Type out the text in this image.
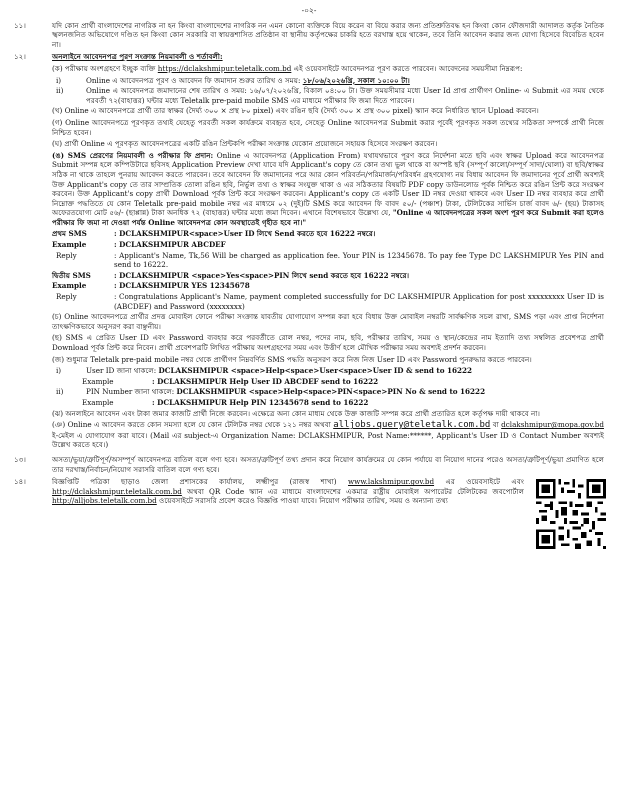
-০২-
১১।	যদি কোন প্রার্থী বাংলাদেশের নাগরিক না হন কিংবা বাংলাদেশের নাগরিক নন এমন কোনো ব্যক্তিকে বিয়ে করেন বা বিয়ে করার জন্য প্রতিশ্রুতিবদ্ধ হন কিংবা কোন ফৌজদারী আদালত কর্তৃক নৈতিক স্খলনজনিত অভিযোগে দণ্ডিত হন কিংবা কোন সরকারি বা স্বায়ত্তশাসিত প্রতিষ্ঠান বা স্থানীয় কর্তৃপক্ষের চাকরি হতে বরখাস্ত হয়ে থাকেন, তবে তিনি আবেদন করার জন্য যোগ্য হিসেবে বিবেচিত হবেন না।
১২।	অনলাইনে আবেদনপত্র পূরণ সংক্রান্ত নিয়মাবলী ও শর্তাবলী:
(ক) পরীক্ষায় অংশগ্রহণে ইচ্ছুক ব্যক্তি https://dclakshmipur.teletalk.com.bd এই ওয়েবসাইটে আবেদনপত্র পূরণ করতে পারবেন। আবেদনের সময়সীমা নিম্নরূপ:
i)	Online এ আবেদনপত্র পূরণ ও আবেদন ফি জমাদান শুরুর তারিখ ও সময়: ১৮/০৬/২০২৬খ্রি, সকাল ১০:০০ টা।
ii)	Online এ আবেদনপত্র জমাদানের শেষ তারিখ ও সময়: ১৬/০৭/২০২৬খ্রি, বিকাল ০৪:০০ টা। উক্ত সময়সীমার মধ্যে User Id প্রাপ্ত প্রার্থীগণ Online- এ Submit এর সময় থেকে পরবর্তী ৭২(বাহাত্তর) ঘন্টার মধ্যে Teletalk pre-paid mobile SMS এর মাধ্যমে পরীক্ষার ফি জমা দিতে পারবেন।
(খ) Online এ আবেদনপত্রে প্রার্থী তার স্বাক্ষর (দৈর্ঘ্য ৩০০ × প্রস্থ ৮০ pixel) এবং রঙিন ছবি (দৈর্ঘ্য ৩০০ × প্রস্থ ৩০০ pixel) স্ক্যান করে নির্ধারিত স্থানে Upload করবেন।
(গ) Online আবেদনপত্রে পূরণকৃত তথ্যই যেহেতু পরবর্তী সকল কার্যক্রমে ব্যবহৃত হবে, সেহেতু Online আবেদনপত্র Submit করার পূর্বেই পূরণকৃত সকল তথ্যের সঠিকতা সম্পর্কে প্রার্থী নিজে নিশ্চিত হবেন।
(ঘ) প্রার্থী Online এ পূরণকৃত আবেদনপত্রের একটি রঙিন প্রিন্টকপি পরীক্ষা সংক্রান্ত যেকোন প্রয়োজনে সহায়ক হিসেবে সংরক্ষণ করবেন।
(ঙ) SMS প্রেরণের নিয়মাবলী ও পরীক্ষার ফি প্রদান: Online এ আবেদনপত্র (Application From) যথাযথভাবে পূরণ করে নির্দেশনা মতে ছবি এবং স্বাক্ষর Upload করে আবেদনপত্র Submit সম্পন্ন হলে কম্পিউটারে ছবিসহ Application Preview দেখা যাবে যদি Applicant's copy তে কোন তথ্য ভুল থাকে বা অস্পষ্ট ছবি (সম্পূর্ণ কালো/সম্পূর্ণ সাদা/ঘোলা) বা ছবি/স্বাক্ষর সঠিক না থাকে তাহলে পুনরায় আবেদন করতে পারবেন। তবে আবেদন ফি জমাদানের পরে আর কোন পরিবর্তন/পরিমার্জন/পরিবর্ধন গ্রহণযোগ্য নয় বিধায় আবেদন ফি জমাদানের পূর্বে প্রার্থী অবশ্যই উক্ত Applicant's copy তে তার সাম্প্রতিক তোলা রঙিন ছবি, নির্ভুল তথ্য ও স্বাক্ষর সংযুক্ত থাকা ও এর সঠিকতার বিষয়টি PDF copy ডাউনলোড পূর্বক নিশ্চিত করে রঙিন প্রিন্ট করে সংরক্ষণ করবেন। উক্ত Applicant's copy প্রার্থী Download পূর্বক প্রিন্ট করে সংরক্ষণ করবেন। Applicant's copy তে একটি User ID নম্বর দেওয়া থাকবে এবং User ID নম্বর ব্যবহার করে প্রার্থী নিম্নোক্ত পদ্ধতিতে যে কোন Teletalk pre-paid mobile নম্বর এর মাধ্যমে ০২ (দুই)টি SMS করে আবেদন ফি বাবদ ৫০/- (পঞ্চাশ) টাকা, টেলিটকের সার্ভিস চার্জ বাবদ ৬/- (ছয়) টাকাসহ অফেরতযোগ্য মোট ৫৬/- (ছাপ্পান্ন) টাকা অনধিক ৭২ (বাহাত্তর) ঘন্টার মধ্যে জমা দিবেন। এখানে বিশেষভাবে উল্লেখ্য যে, "Online এ আবেদনপত্রের সকল অংশ পূরণ করে Submit করা হলেও পরীক্ষার ফি জমা না দেওয়া পর্যন্ত Online আবেদনপত্র কোন অবস্থাতেই গৃহীত হবে না।"
প্রথম SMS	: DCLAKSHMIPUR<space>User ID লিখে Send করতে হবে 16222 নম্বরে।
Example	: DCLAKSHMIPUR ABCDEF
Reply	: Applicant's Name, Tk,56 Will be charged as application fee. Your PIN is 12345678. To pay fee Type DC LAKSHMIPUR Yes PIN and send to 16222.
দ্বিতীয় SMS	: DCLAKSHMIPUR <space>Yes<space>PIN লিখে send করতে হবে 16222 নম্বরে।
Example	: DCLAKSHMIPUR YES 12345678
Reply	: Congratulations Applicant's Name, payment completed successfully for DC LAKSHMIPUR Application for post xxxxxxxxx User ID is (ABCDEF) and Password (xxxxxxxx)
(চ) Online আবেদনপত্রে প্রার্থীর প্রদত্ত মোবাইল ফোনে পরীক্ষা সংক্রান্ত যাবতীয় যোগাযোগ সম্পন্ন করা হবে বিধায় উক্ত মোবাইল নম্বরটি সার্বক্ষণিক সচল রাখা, SMS পড়া এবং প্রাপ্ত নির্দেশনা তাৎক্ষণিকভাবে অনুসরণ করা বাঞ্ছনীয়।
(ছ) SMS এ প্রেরিত User ID এবং Password ব্যবহার করে পরবর্তীতে রোল নম্বর, পদের নাম, ছবি, পরীক্ষার তারিখ, সময় ও স্থান/কেন্দ্রের নাম ইত্যাদি তথ্য সম্বলিত প্রবেশপত্র প্রার্থী Download পূর্বক প্রিন্ট করে নিবেন। প্রার্থী প্রবেশপত্রটি লিখিত পরীক্ষায় অংশগ্রহণের সময় এবং উত্তীর্ণ হলে মৌখিক পরীক্ষার সময় অবশ্যই প্রদর্শন করবেন।
(জ) শুধুমাত্র Teletalk pre-paid mobile নম্বর থেকে প্রার্থীগণ নিম্নবর্ণিত SMS পদ্ধতি অনুসরণ করে নিজ নিজ User ID এবং Password পুনরুদ্ধার করতে পারবেন।
i)	User ID জানা থাকলে: DCLAKSHMIPUR <space>Help<space>User<space>User ID & send to 16222
Example	: DCLAKSHMIPUR Help User ID ABCDEF send to 16222
ii)	PIN Number জানা থাকলে: DCLAKSHMIPUR <space>Help<space>PIN<space>PIN No & send to 16222
Example	: DCLAKSHMIPUR Help PIN 12345678 send to 16222
(ঝ) অনলাইনে আবেদন এবং টাকা জমার কাজটি প্রার্থী নিজে করবেন। এক্ষেত্রে অন্য কোন মাধ্যম থেকে উক্ত কাজটি সম্পন্ন করে প্রার্থী প্রতারিত হলে কর্তৃপক্ষ দায়ী থাকবে না।
(ঞ) Online এ আবেদন করতে কোন সমস্যা হলে যে কোন টেলিটক নম্বর থেকে ১২১ নম্বর অথবা alljobs.query@teletalk.com.bd বা dclakshmipur@mopa.gov.bd ই-মেইল এ যোগাযোগ করা যাবে। (Mail এর subject-এ Organization Name: DCLAKSHMIPUR, Post Name:******, Applicant's User ID ও Contact Number অবশ্যই উল্লেখ করতে হবে।)
১৩।	অসত্য/ভুয়া/ত্রুটিপূর্ণ/অসম্পূর্ণ আবেদনপত্র বাতিল বলে গণ্য হবে। অসত্য/ত্রুটিপূর্ণ তথ্য প্রদান করে নিয়োগ কার্যক্রমের যে কোন পর্যায়ে বা নিয়োগ দানের পরেও অসত্য/ত্রুটিপূর্ণ/ভুয়া প্রমাণিত হলে তার দরখাস্ত/নির্বাচন/নিয়োগ সরাসরি বাতিল বলে গণ্য হবে।
১৪।	বিজ্ঞপ্তিটি পত্রিকা ছাড়াও জেলা প্রশাসকের কার্যালয়, লক্ষ্মীপুর (রাজস্ব শাখা) www.lakshmipur.gov.bd এর ওয়েবসাইটে এবং http://dclakshmipur.teletalk.com.bd অথবা QR Code স্ক্যান এর মাধ্যমে বাংলাদেশের একমাত্র রাষ্ট্রীয় মোবাইল অপারেটর টেলিটকের জবপোর্টাল http://alljobs.teletalk.com.bd ওয়েবসাইটে সরাসরি প্রবেশ করেও বিজ্ঞপ্তি পাওয়া যাবে। নিয়োগ পরীক্ষার তারিখ, সময় ও অন্যান্য তথ্য
